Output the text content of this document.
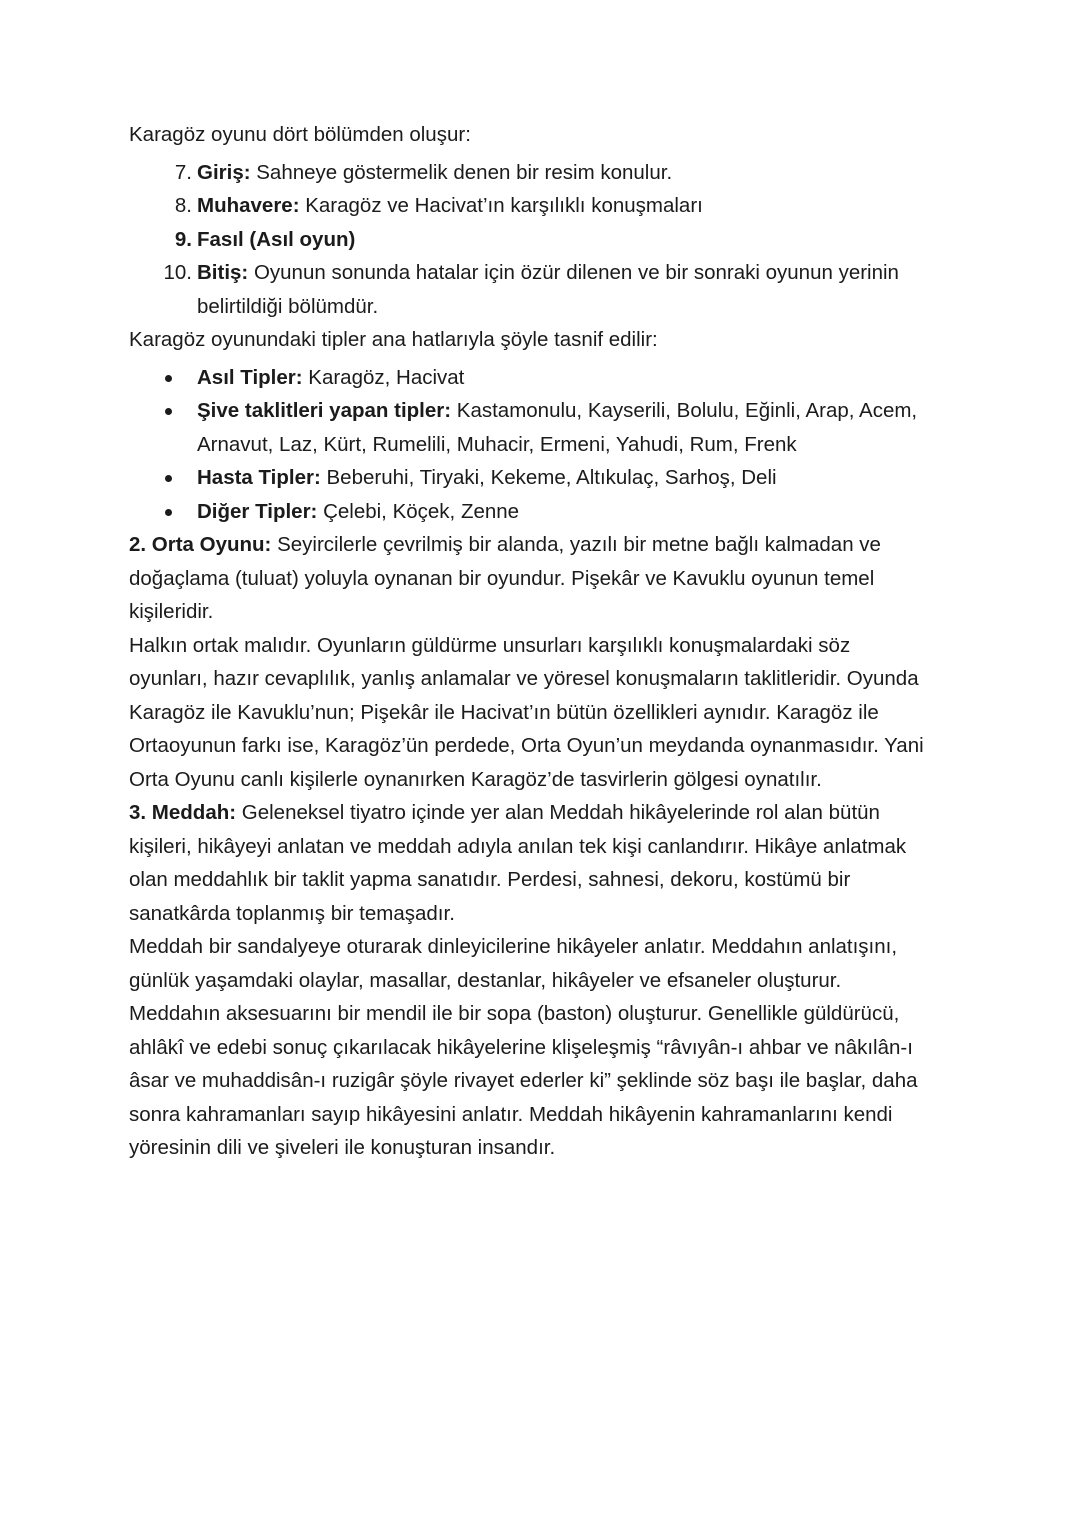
Karagöz oyunu dört bölümden oluşur:

7. Giriş: Sahneye göstermelik denen bir resim konulur.
8. Muhavere: Karagöz ve Hacivat’ın karşılıklı konuşmaları
9. Fasıl (Asıl oyun)
10. Bitiş: Oyunun sonunda hatalar için özür dilenen ve bir sonraki oyunun yerinin belirtildiği bölümdür.

Karagöz oyunundaki tipler ana hatlarıyla şöyle tasnif edilir:

Asıl Tipler: Karagöz, Hacivat
Şive taklitleri yapan tipler: Kastamonulu, Kayserili, Bolulu, Eğinli, Arap, Acem, Arnavut, Laz, Kürt, Rumelili, Muhacir, Ermeni, Yahudi, Rum, Frenk
Hasta Tipler: Beberuhi, Tiryaki, Kekeme, Altıkulaç, Sarhoş, Deli
Diğer Tipler: Çelebi, Köçek, Zenne

2. Orta Oyunu: Seyircilerle çevrilmiş bir alanda, yazılı bir metne bağlı kalmadan ve doğaçlama (tuluat) yoluyla oynanan bir oyundur. Pişekâr ve Kavuklu oyunun temel kişileridir.

Halkın ortak malıdır. Oyunların güldürme unsurları karşılıklı konuşmalardaki söz oyunları, hazır cevaplılık, yanlış anlamalar ve yöresel konuşmaların taklitleridir. Oyunda Karagöz ile Kavuklu’nun; Pişekâr ile Hacivat’ın bütün özellikleri aynıdır. Karagöz ile Ortaoyunun farkı ise, Karagöz’ün perdede, Orta Oyun’un meydanda oynanmasıdır. Yani Orta Oyunu canlı kişilerle oynanırken Karagöz’de tasvirlerin gölgesi oynatılır.

3. Meddah: Geleneksel tiyatro içinde yer alan Meddah hikâyelerinde rol alan bütün kişileri, hikâyeyi anlatan ve meddah adıyla anılan tek kişi canlandırır. Hikâye anlatmak olan meddahlık bir taklit yapma sanatıdır. Perdesi, sahnesi, dekoru, kostümü bir sanatkârda toplanmış bir temaşadır.

Meddah bir sandalyeye oturarak dinleyicilerine hikâyeler anlatır. Meddahın anlatışını, günlük yaşamdaki olaylar, masallar, destanlar, hikâyeler ve efsaneler oluşturur.

Meddahın aksesuarını bir mendil ile bir sopa (baston) oluşturur. Genellikle güldürücü, ahlâkî ve edebi sonuç çıkarılacak hikâyelerine klişeleşmiş “râvıyân-ı ahbar ve nâkılân-ı âsar ve muhaddisân-ı ruzigâr şöyle rivayet ederler ki” şeklinde söz başı ile başlar, daha sonra kahramanları sayıp hikâyesini anlatır. Meddah hikâyenin kahramanlarını kendi yöresinin dili ve şiveleri ile konuşturan insandır.
